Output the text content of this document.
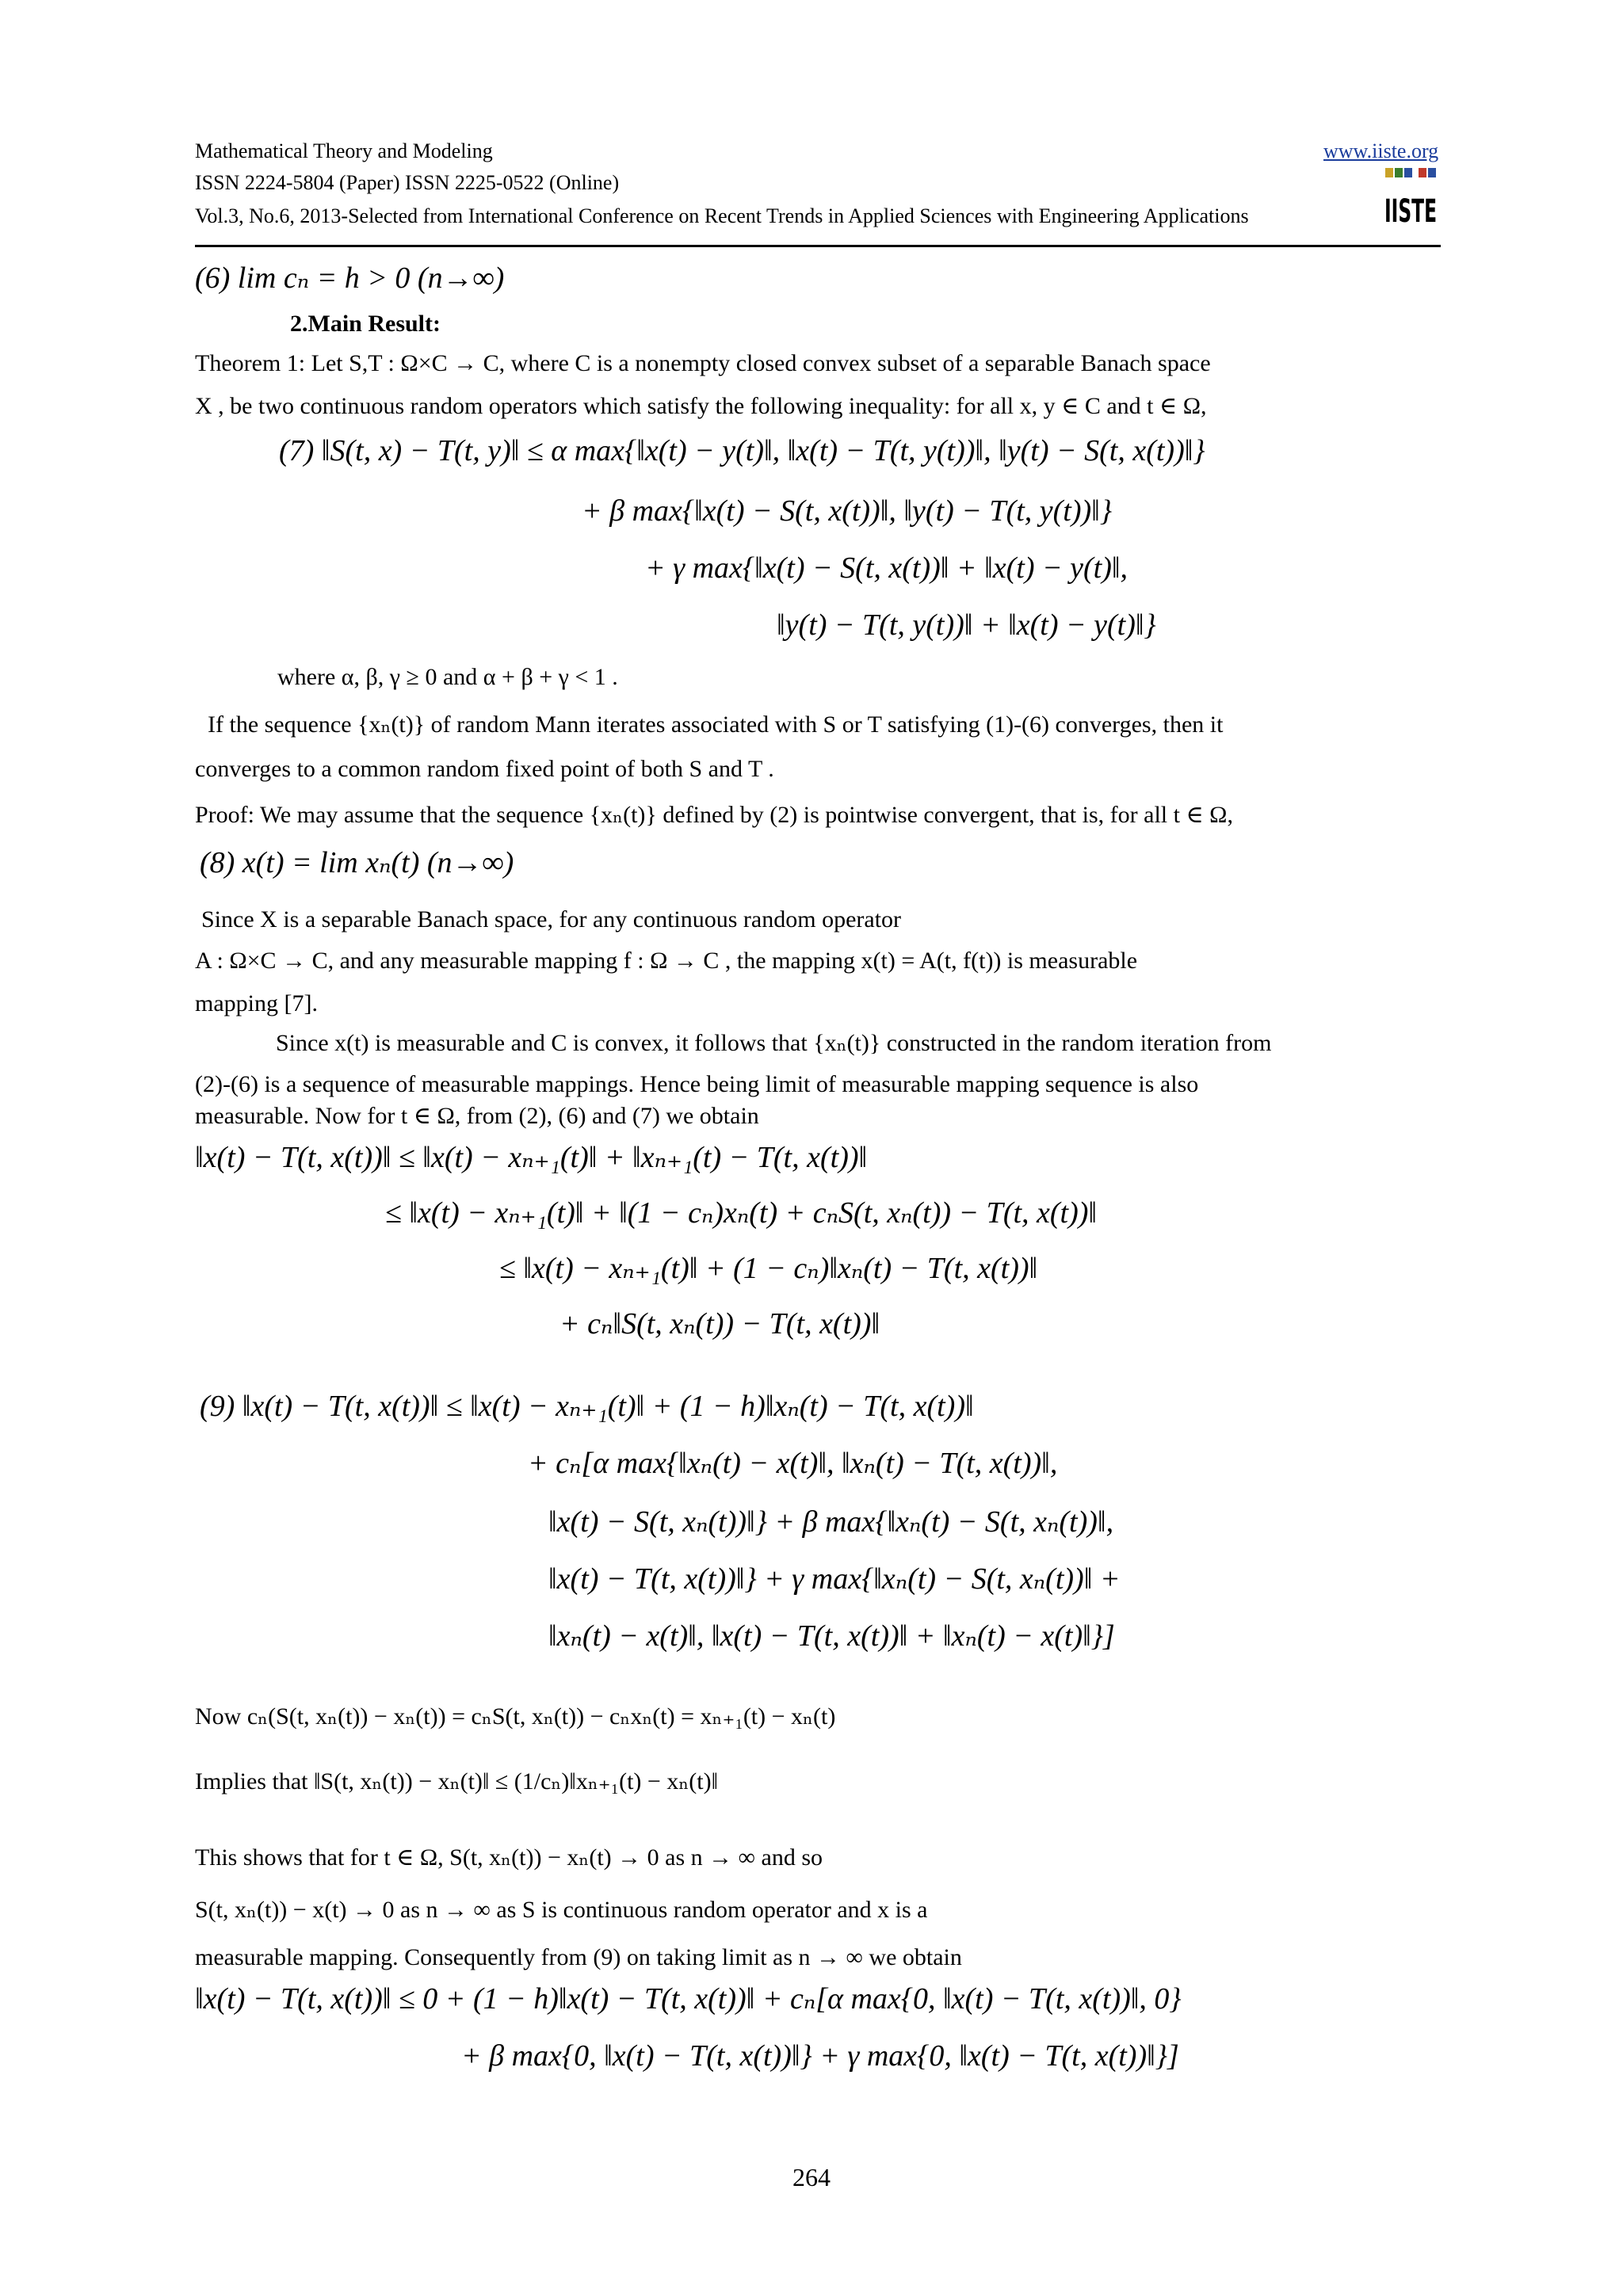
Mathematical Theory and Modeling	www.iiste.org
ISSN 2224-5804 (Paper) ISSN 2225-0522 (Online)
Vol.3, No.6, 2013-Selected from International Conference on Recent Trends in Applied Sciences with Engineering Applications	IISTE
(6) lim cₙ = h > 0 (n→∞)
2.Main Result:
Theorem 1: Let S,T : Ω×C → C, where C is a nonempty closed convex subset of a separable Banach space
X , be two continuous random operators which satisfy the following inequality: for all x, y ∈ C and t ∈ Ω,
(7) ‖S(t, x) − T(t, y)‖ ≤ α max{‖x(t) − y(t)‖, ‖x(t) − T(t, y(t))‖, ‖y(t) − S(t, x(t))‖}
+ β max{‖x(t) − S(t, x(t))‖, ‖y(t) − T(t, y(t))‖}
+ γ max{‖x(t) − S(t, x(t))‖ + ‖x(t) − y(t)‖,
‖y(t) − T(t, y(t))‖ + ‖x(t) − y(t)‖}
where α, β, γ ≥ 0 and α + β + γ < 1 .
If the sequence {xₙ(t)} of random Mann iterates associated with S or T satisfying (1)-(6) converges, then it
converges to a common random fixed point of both S and T .
Proof: We may assume that the sequence {xₙ(t)} defined by (2) is pointwise convergent, that is, for all t ∈ Ω,
(8) x(t) = lim xₙ(t) (n→∞)
Since X is a separable Banach space, for any continuous random operator
A : Ω×C → C, and any measurable mapping f : Ω → C , the mapping x(t) = A(t, f(t)) is measurable
mapping [7].
Since x(t) is measurable and C is convex, it follows that {xₙ(t)} constructed in the random iteration from
(2)-(6) is a sequence of measurable mappings. Hence being limit of measurable mapping sequence is also
measurable. Now for t ∈ Ω, from (2), (6) and (7) we obtain
‖x(t) − T(t, x(t))‖ ≤ ‖x(t) − xₙ₊₁(t)‖ + ‖xₙ₊₁(t) − T(t, x(t))‖
≤ ‖x(t) − xₙ₊₁(t)‖ + ‖(1 − cₙ)xₙ(t) + cₙS(t, xₙ(t)) − T(t, x(t))‖
≤ ‖x(t) − xₙ₊₁(t)‖ + (1 − cₙ)‖xₙ(t) − T(t, x(t))‖
+ cₙ‖S(t, xₙ(t)) − T(t, x(t))‖
(9) ‖x(t) − T(t, x(t))‖ ≤ ‖x(t) − xₙ₊₁(t)‖ + (1 − h)‖xₙ(t) − T(t, x(t))‖
+ cₙ[α max{‖xₙ(t) − x(t)‖, ‖xₙ(t) − T(t, x(t))‖,
‖x(t) − S(t, xₙ(t))‖} + β max{‖xₙ(t) − S(t, xₙ(t))‖,
‖x(t) − T(t, x(t))‖} + γ max{‖xₙ(t) − S(t, xₙ(t))‖ +
‖xₙ(t) − x(t)‖, ‖x(t) − T(t, x(t))‖ + ‖xₙ(t) − x(t)‖}]
Now cₙ(S(t, xₙ(t)) − xₙ(t)) = cₙS(t, xₙ(t)) − cₙxₙ(t) = xₙ₊₁(t) − xₙ(t)
Implies that ‖S(t, xₙ(t)) − xₙ(t)‖ ≤ (1/cₙ)‖xₙ₊₁(t) − xₙ(t)‖
This shows that for t ∈ Ω, S(t, xₙ(t)) − xₙ(t) → 0 as n → ∞ and so
S(t, xₙ(t)) − x(t) → 0 as n → ∞ as S is continuous random operator and x is a
measurable mapping. Consequently from (9) on taking limit as n → ∞ we obtain
‖x(t) − T(t, x(t))‖ ≤ 0 + (1 − h)‖x(t) − T(t, x(t))‖ + cₙ[α max{0, ‖x(t) − T(t, x(t))‖, 0}
+ β max{0, ‖x(t) − T(t, x(t))‖} + γ max{0, ‖x(t) − T(t, x(t))‖}]
264
